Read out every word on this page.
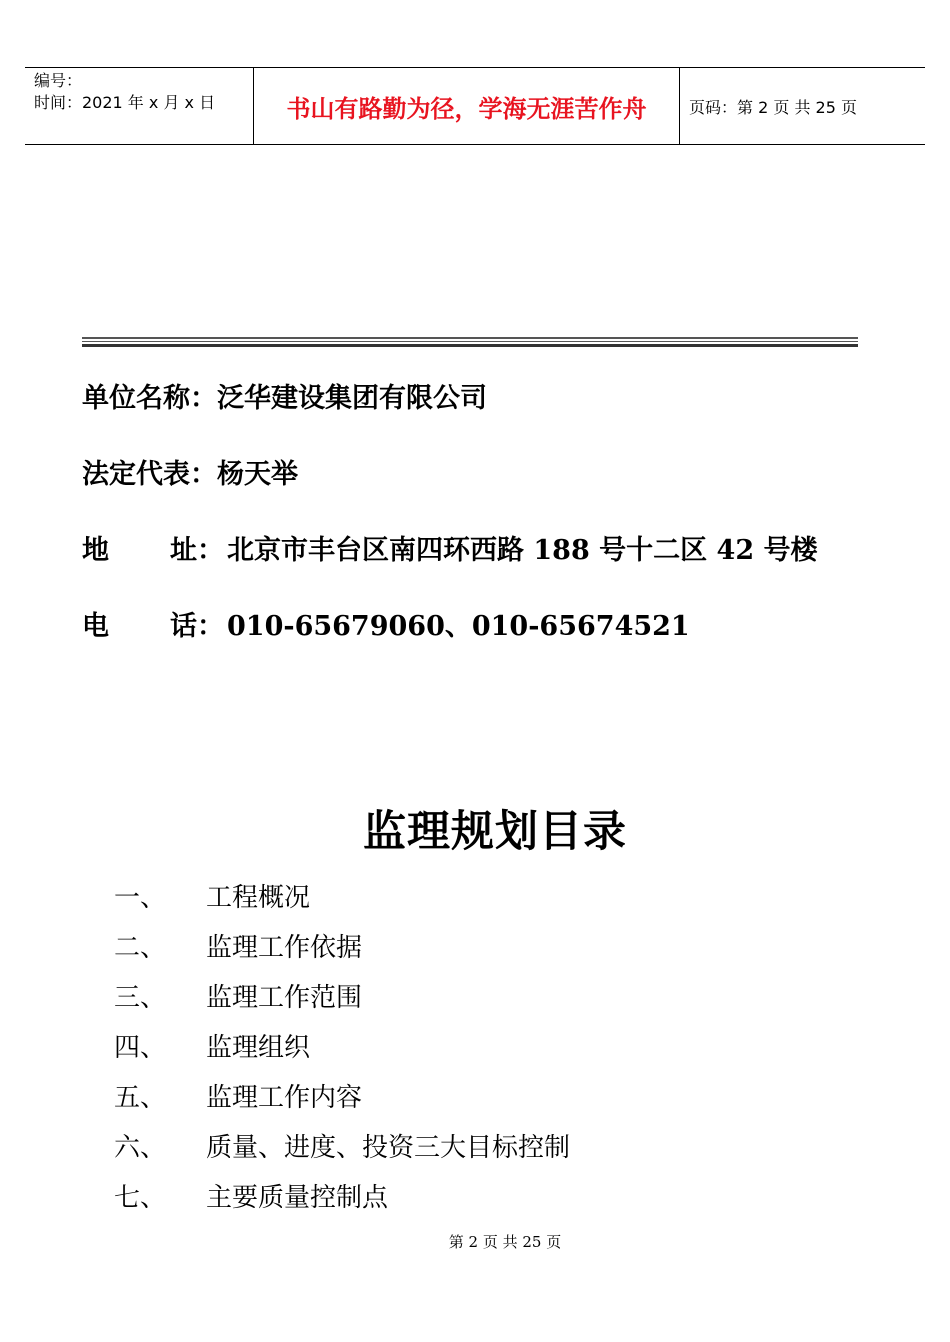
编号：
时间：2021 年 x 月 x 日	书山有路勤为径，学海无涯苦作舟	页码：第 2 页 共 25 页
单位名称：泛华建设集团有限公司
法定代表：杨天举
地 址： 北京市丰台区南四环西路 188 号十二区 42 号楼
电 话： 010-65679060、010-65674521
监理规划目录
一、	工程概况
二、	监理工作依据
三、	监理工作范围
四、	监理组织
五、	监理工作内容
六、	质量、进度、投资三大目标控制
七、	主要质量控制点
第 2 页 共 25 页
